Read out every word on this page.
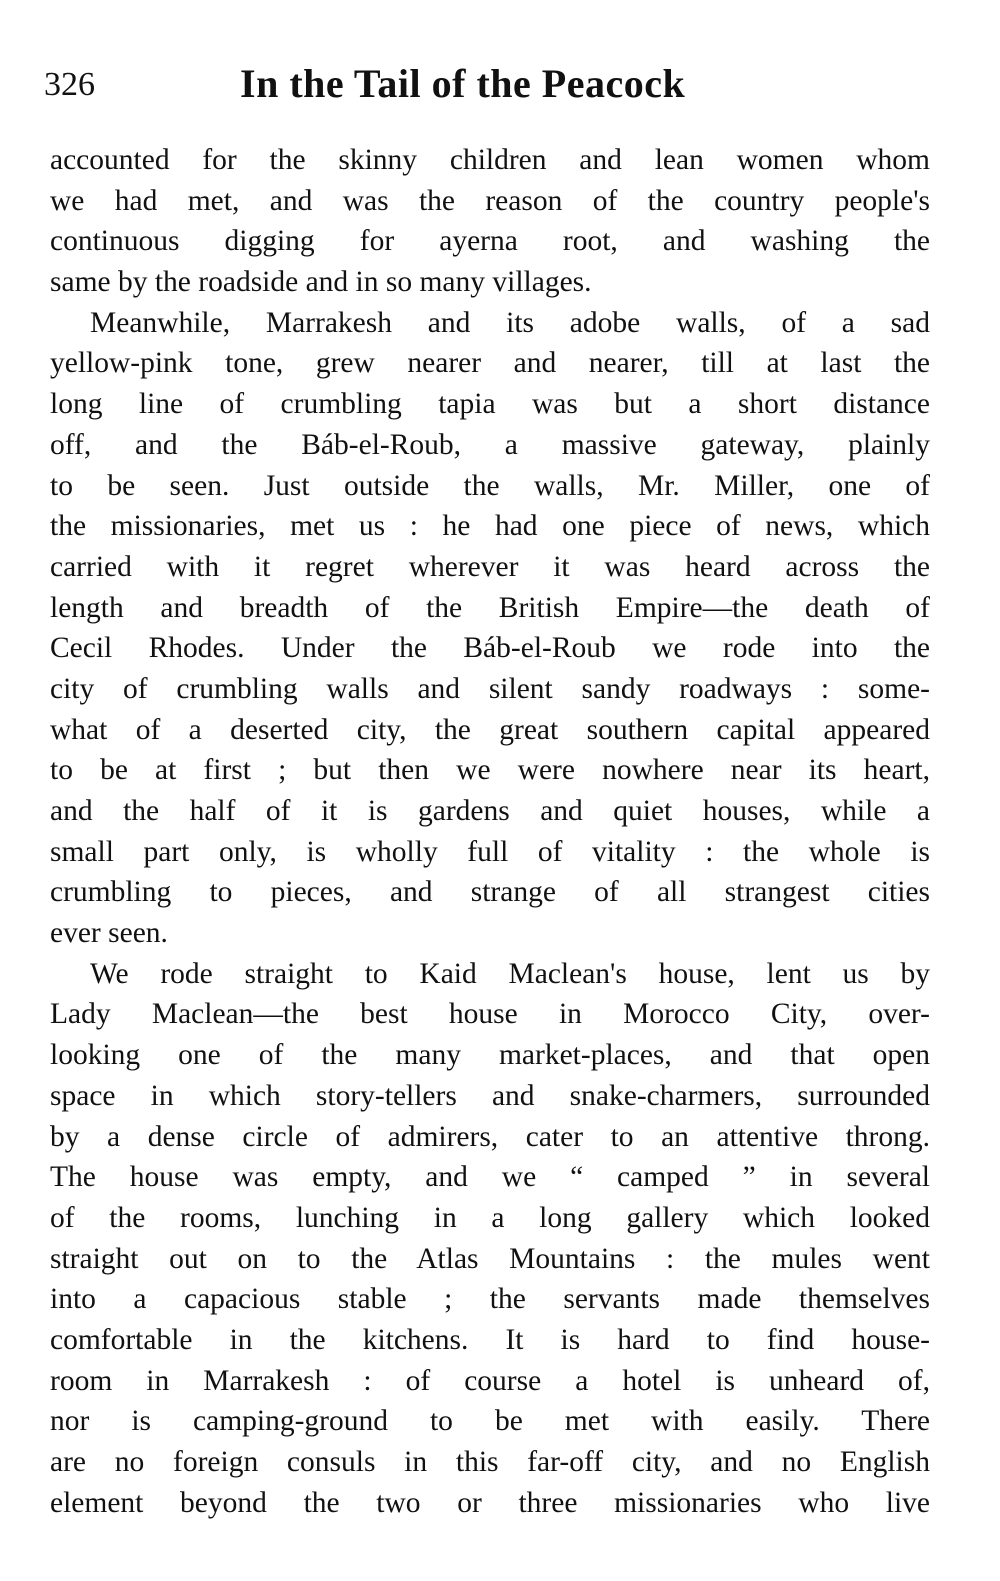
326	In the Tail of the Peacock
accounted for the skinny children and lean women whom
we had met, and was the reason of the country people's
continuous digging for ayerna root, and washing the
same by the roadside and in so many villages.
Meanwhile, Marrakesh and its adobe walls, of a sad
yellow-pink tone, grew nearer and nearer, till at last the
long line of crumbling tapia was but a short distance
off, and the Báb-el-Roub, a massive gateway, plainly
to be seen. Just outside the walls, Mr. Miller, one of
the missionaries, met us : he had one piece of news, which
carried with it regret wherever it was heard across the
length and breadth of the British Empire—the death of
Cecil Rhodes. Under the Báb-el-Roub we rode into the
city of crumbling walls and silent sandy roadways : some-
what of a deserted city, the great southern capital appeared
to be at first ; but then we were nowhere near its heart,
and the half of it is gardens and quiet houses, while a
small part only, is wholly full of vitality : the whole is
crumbling to pieces, and strange of all strangest cities
ever seen.
We rode straight to Kaid Maclean's house, lent us by
Lady Maclean—the best house in Morocco City, over-
looking one of the many market-places, and that open
space in which story-tellers and snake-charmers, surrounded
by a dense circle of admirers, cater to an attentive throng.
The house was empty, and we “ camped ” in several
of the rooms, lunching in a long gallery which looked
straight out on to the Atlas Mountains : the mules went
into a capacious stable ; the servants made themselves
comfortable in the kitchens. It is hard to find house-
room in Marrakesh : of course a hotel is unheard of,
nor is camping-ground to be met with easily. There
are no foreign consuls in this far-off city, and no English
element beyond the two or three missionaries who live
